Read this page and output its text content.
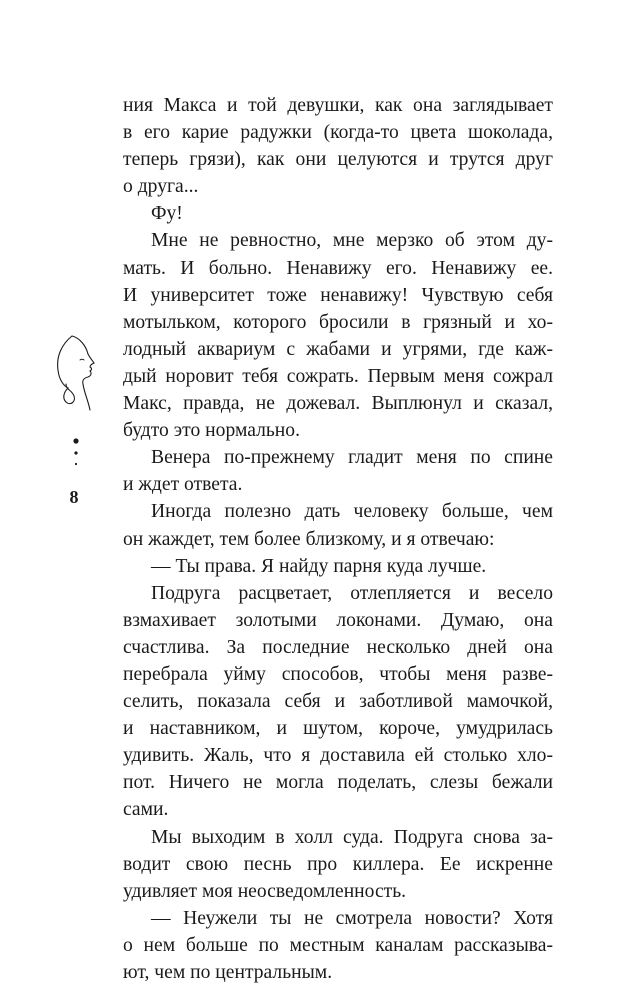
ния Макса и той девушки, как она заглядывает
в его карие радужки (когда-то цвета шоколада,
теперь грязи), как они целуются и трутся друг
о друга...
Фу!
Мне не ревностно, мне мерзко об этом ду-
мать. И больно. Ненавижу его. Ненавижу ее.
И университет тоже ненавижу! Чувствую себя
мотыльком, которого бросили в грязный и хо-
лодный аквариум с жабами и угрями, где каж-
дый норовит тебя сожрать. Первым меня сожрал
Макс, правда, не дожевал. Выплюнул и сказал,
будто это нормально.
Венера по-прежнему гладит меня по спине
и ждет ответа.
Иногда полезно дать человеку больше, чем
он жаждет, тем более близкому, и я отвечаю:
— Ты права. Я найду парня куда лучше.
Подруга расцветает, отлепляется и весело
взмахивает золотыми локонами. Думаю, она
счастлива. За последние несколько дней она
перебрала уйму способов, чтобы меня разве-
селить, показала себя и заботливой мамочкой,
и наставником, и шутом, короче, умудрилась
удивить. Жаль, что я доставила ей столько хло-
пот. Ничего не могла поделать, слезы бежали
сами.
Мы выходим в холл суда. Подруга снова за-
водит свою песнь про киллера. Ее искренне
удивляет моя неосведомленность.
— Неужели ты не смотрела новости? Хотя
о нем больше по местным каналам рассказыва-
ют, чем по центральным.
8
